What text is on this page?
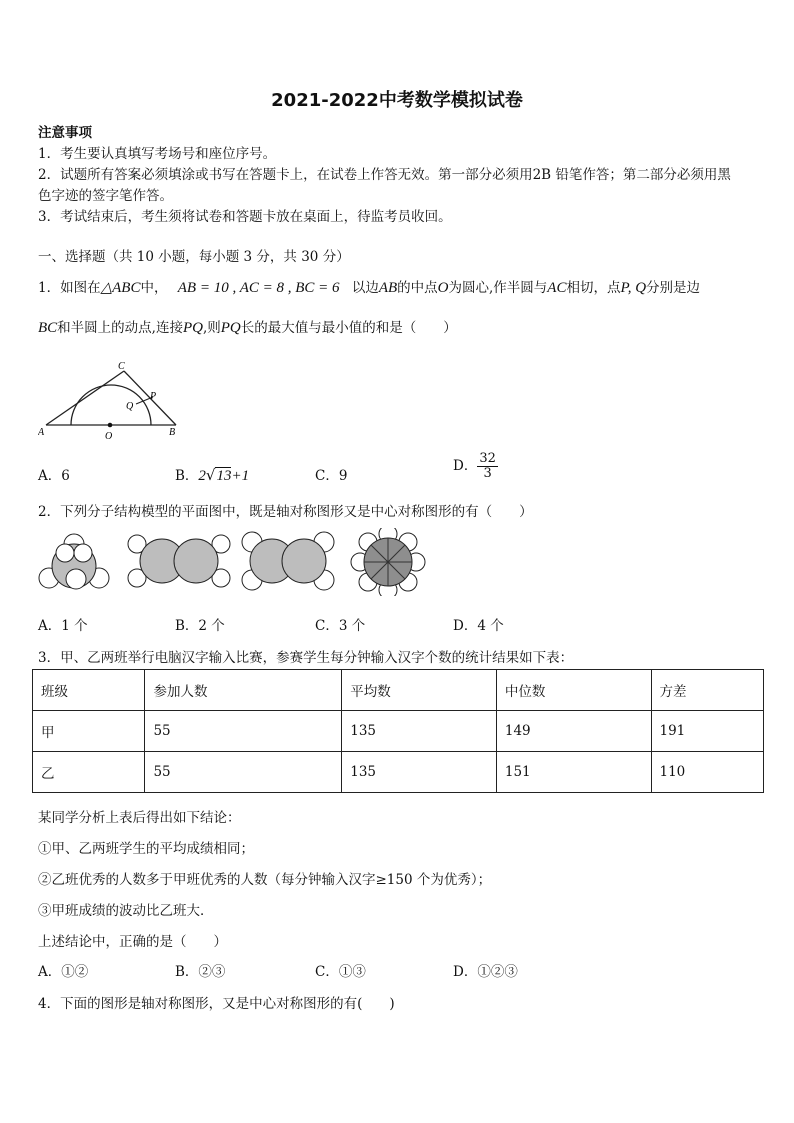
2021-2022中考数学模拟试卷
注意事项
1．考生要认真填写考场号和座位序号。
2．试题所有答案必须填涂或书写在答题卡上，在试卷上作答无效。第一部分必须用2B 铅笔作答；第二部分必须用黑
色字迹的签字笔作答。
3．考试结束后，考生须将试卷和答题卡放在桌面上，待监考员收回。
一、选择题（共 10 小题，每小题 3 分，共 30 分）
1．如图在△ABC中， AB = 10 , AC = 8 , BC = 6 以边AB的中点O为圆心,作半圆与AC相切，点P, Q分别是边
BC和半圆上的动点,连接PQ,则PQ长的最大值与最小值的和是（　　）
A	B
C
O
P
Q
A．6	B．2√13+1	C．9
D． $\frac{32}{3}$
2．下列分子结构模型的平面图中，既是轴对称图形又是中心对称图形的有（　　）
A．1 个	B．2 个	C．3 个	D．4 个
3．甲、乙两班举行电脑汉字输入比赛，参赛学生每分钟输入汉字个数的统计结果如下表：
班级	参加人数	平均数	中位数	方差
甲	55	135	149	191
乙	55	135	151	110
某同学分析上表后得出如下结论：
①甲、乙两班学生的平均成绩相同；
②乙班优秀的人数多于甲班优秀的人数（每分钟输入汉字≥150 个为优秀）；
③甲班成绩的波动比乙班大．
上述结论中，正确的是（　　）
A．①②	B．②③	C．①③	D．①②③
4．下面的图形是轴对称图形，又是中心对称图形的有(　　)
